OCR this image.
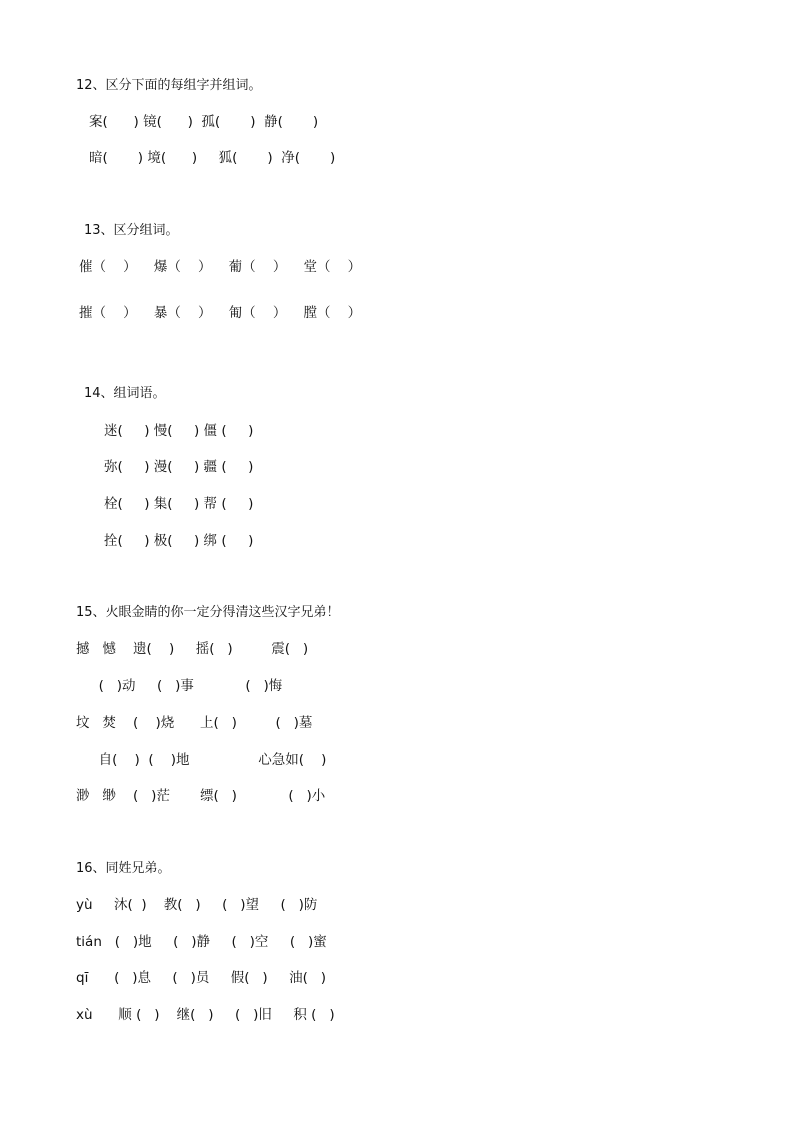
12、区分下面的每组字并组词。
案(      ) 镜(      )  孤(       )  静(       )
暗(       ) 境(      )     狐(       )  净(       )
13、区分组词。
催（    ）    爆（    ）    葡（    ）    堂（    ）
摧（    ）    暴（    ）    匍（    ）    膛（    ）
14、组词语。
迷(     ) 慢(     ) 僵 (     )
弥(     ) 漫(     ) 疆 (     )
栓(     ) 集(     ) 帮 (     )
拴(     ) 极(     ) 绑 (     )
15、火眼金睛的你一定分得清这些汉字兄弟！
撼   憾    遗(    )     摇(   )         震(   )
(   )动     (   )事            (   )悔
坟   焚    (    )烧      上(   )         (   )墓
自(    )  (    )地                心急如(    )
渺   缈    (   )茫       缥(   )            (   )小
16、同姓兄弟。
yù     沐(  )    教(   )     (   )望     (   )防
tián   (   )地     (   )静     (   )空     (   )蜜
qī      (   )息     (   )员     假(   )     油(   )
xù      顺 (   )    继(   )     (   )旧     积 (   )
